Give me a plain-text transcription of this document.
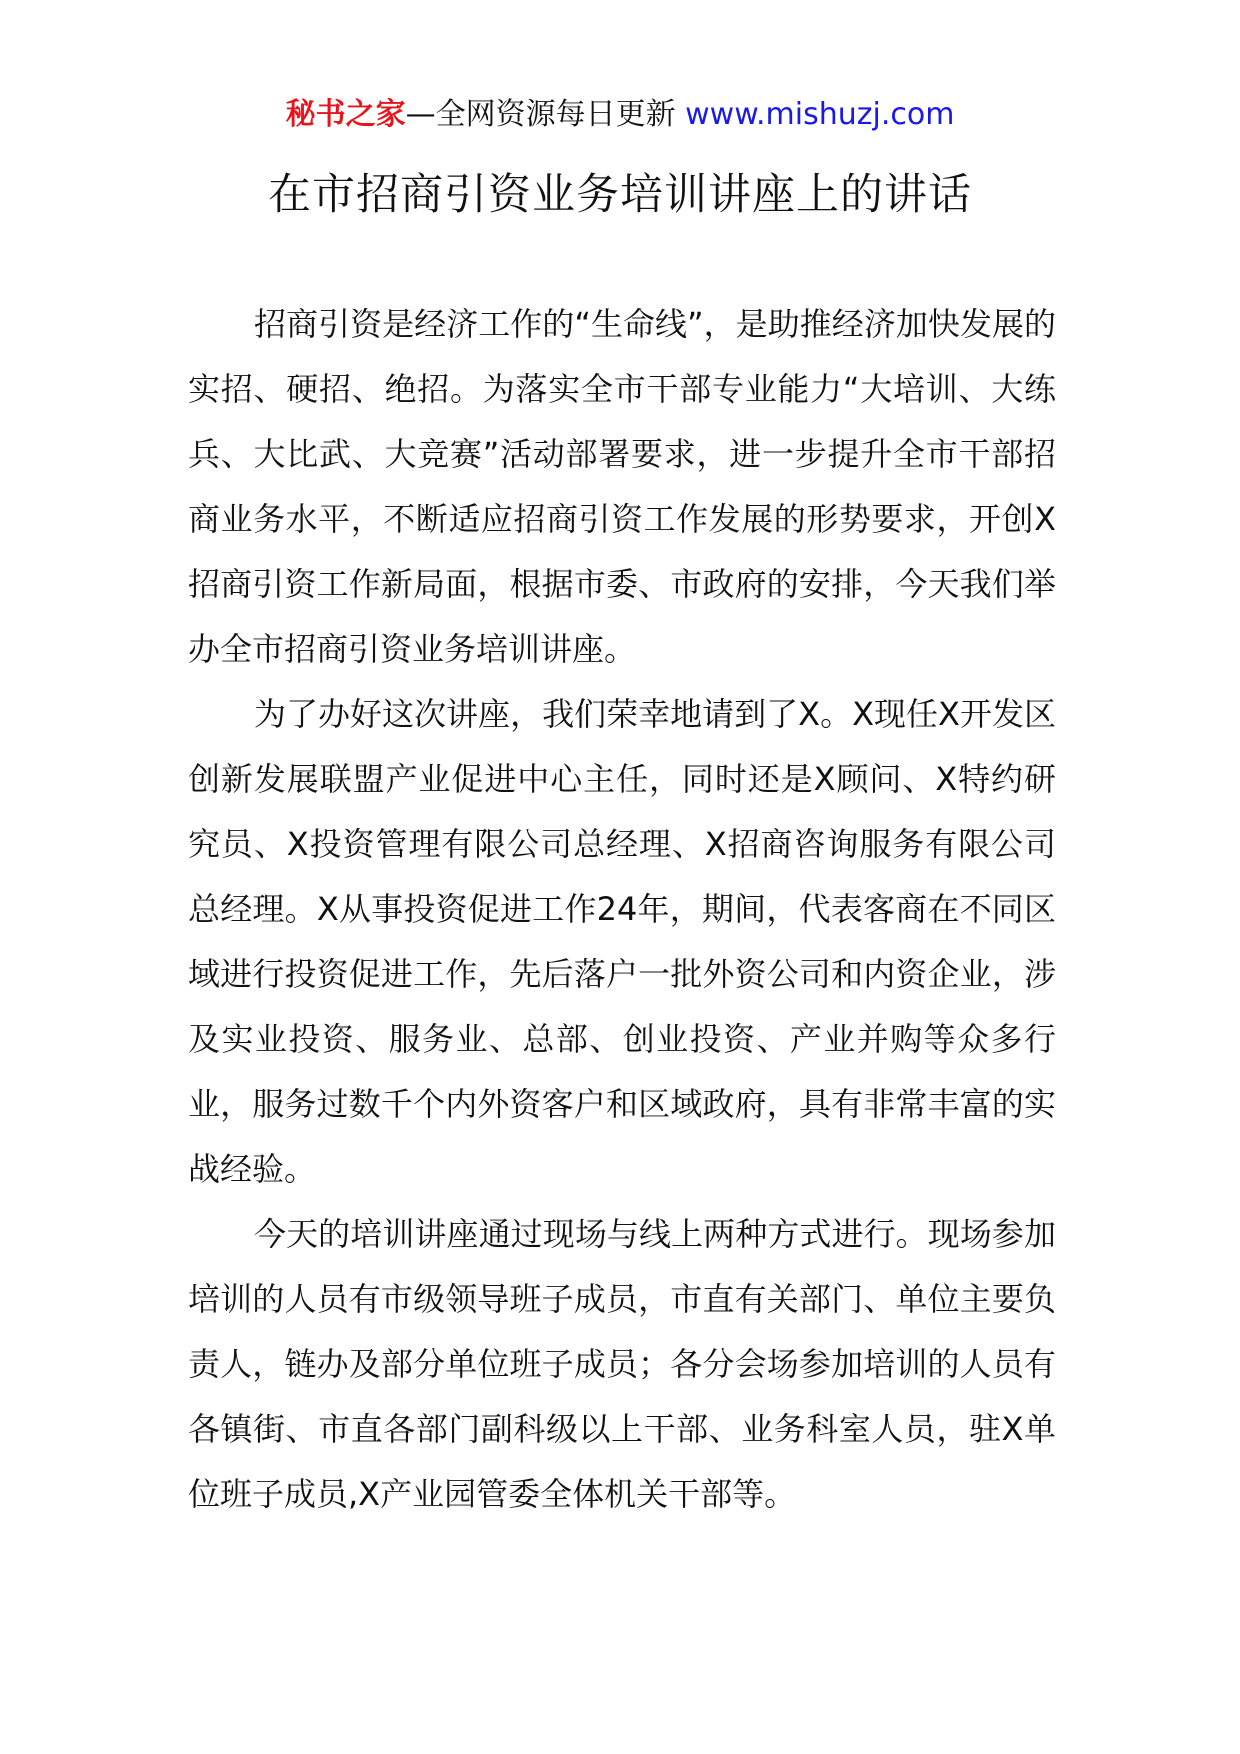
秘书之家—全网资源每日更新 www.mishuzj.com
在市招商引资业务培训讲座上的讲话

招商引资是经济工作的“生命线”，是助推经济加快发展的实招、硬招、绝招。为落实全市干部专业能力“大培训、大练兵、大比武、大竞赛”活动部署要求，进一步提升全市干部招商业务水平，不断适应招商引资工作发展的形势要求，开创X招商引资工作新局面，根据市委、市政府的安排，今天我们举办全市招商引资业务培训讲座。

为了办好这次讲座，我们荣幸地请到了X。X现任X开发区创新发展联盟产业促进中心主任，同时还是X顾问、X特约研究员、X投资管理有限公司总经理、X招商咨询服务有限公司总经理。X从事投资促进工作24年，期间，代表客商在不同区域进行投资促进工作，先后落户一批外资公司和内资企业，涉及实业投资、服务业、总部、创业投资、产业并购等众多行业，服务过数千个内外资客户和区域政府，具有非常丰富的实战经验。

今天的培训讲座通过现场与线上两种方式进行。现场参加培训的人员有市级领导班子成员，市直有关部门、单位主要负责人，链办及部分单位班子成员；各分会场参加培训的人员有各镇街、市直各部门副科级以上干部、业务科室人员，驻X单位班子成员,X产业园管委全体机关干部等。
